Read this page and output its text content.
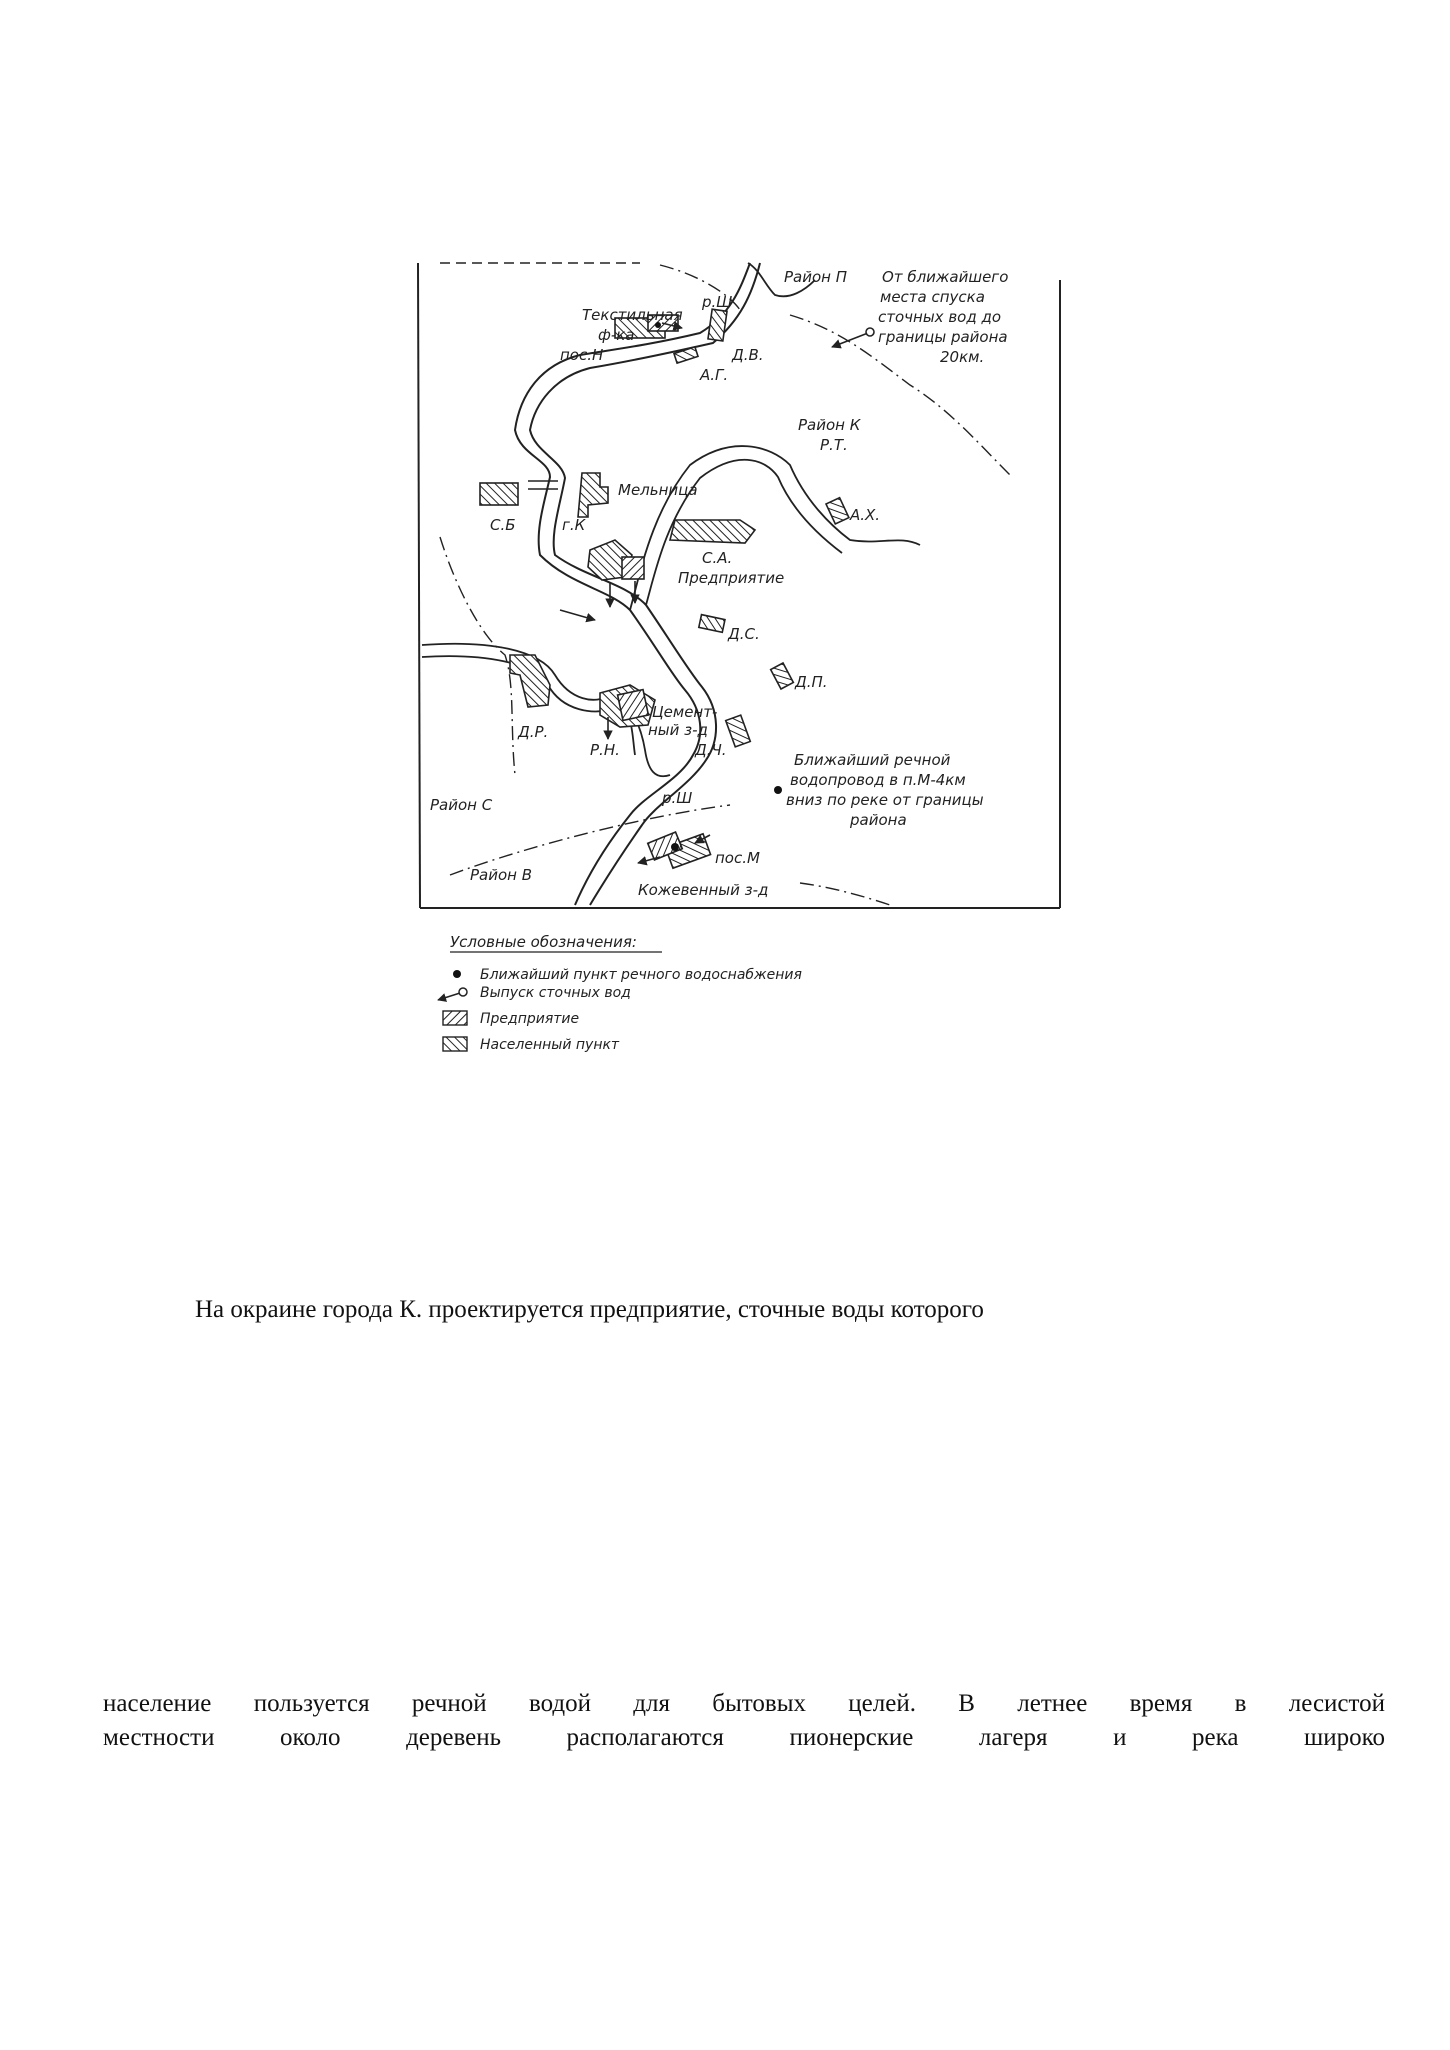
Район П От ближайшего
места спуска
сточных вод до
границы района
20км.
Текстильная
ф-ка
р.Ш
пос.Н	Д.В.
А.Г.
Район К
Р.Т.
А.Х.
Мельница
С.Б	г.К
С.А.
Предприятие
Д.С.
Д.П.
Д.Р.
Цемент-
ный з-д
Р.Н.	Д.Ч.
Ближайший речной
водопровод в п.М-4км
вниз по реке от границы
района
р.Ш
Район С
Район В
пос.М
Кожевенный з-д
Условные обозначения:
Ближайший пункт речного водоснабжения
Выпуск сточных вод
Предприятие
Населенный пункт

На окраине города К. проектируется предприятие, сточные воды которого

население пользуется речной водой для бытовых целей. В летнее время в лесистой

местности около деревень располагаются пионерские лагеря и река широко
